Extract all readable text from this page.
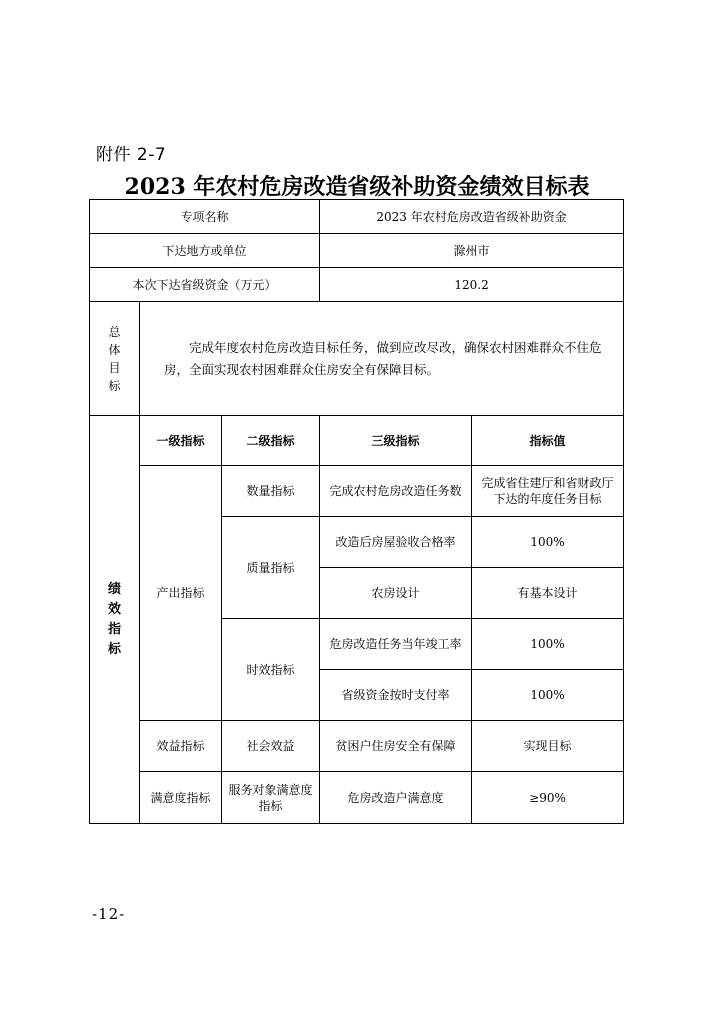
附件 2-7
2023 年农村危房改造省级补助资金绩效目标表
专项名称			2023 年农村危房改造省级补助资金	
下达地方或单位			滁州市	
本次下达省级资金（万元）			120.2	
总体目标	完成年度农村危房改造目标任务，做到应改尽改，确保农村困难群众不住危房，全面实现农村困难群众住房安全有保障目标。			
绩效指标	一级指标	二级指标	三级指标	指标值
	产出指标	数量指标	完成农村危房改造任务数	完成省住建厅和省财政厅下达的年度任务目标
		质量指标	改造后房屋验收合格率	100%
			农房设计	有基本设计
		时效指标	危房改造任务当年竣工率	100%
			省级资金按时支付率	100%
	效益指标	社会效益	贫困户住房安全有保障	实现目标
	满意度指标	服务对象满意度指标	危房改造户满意度	≥90%
-12-
